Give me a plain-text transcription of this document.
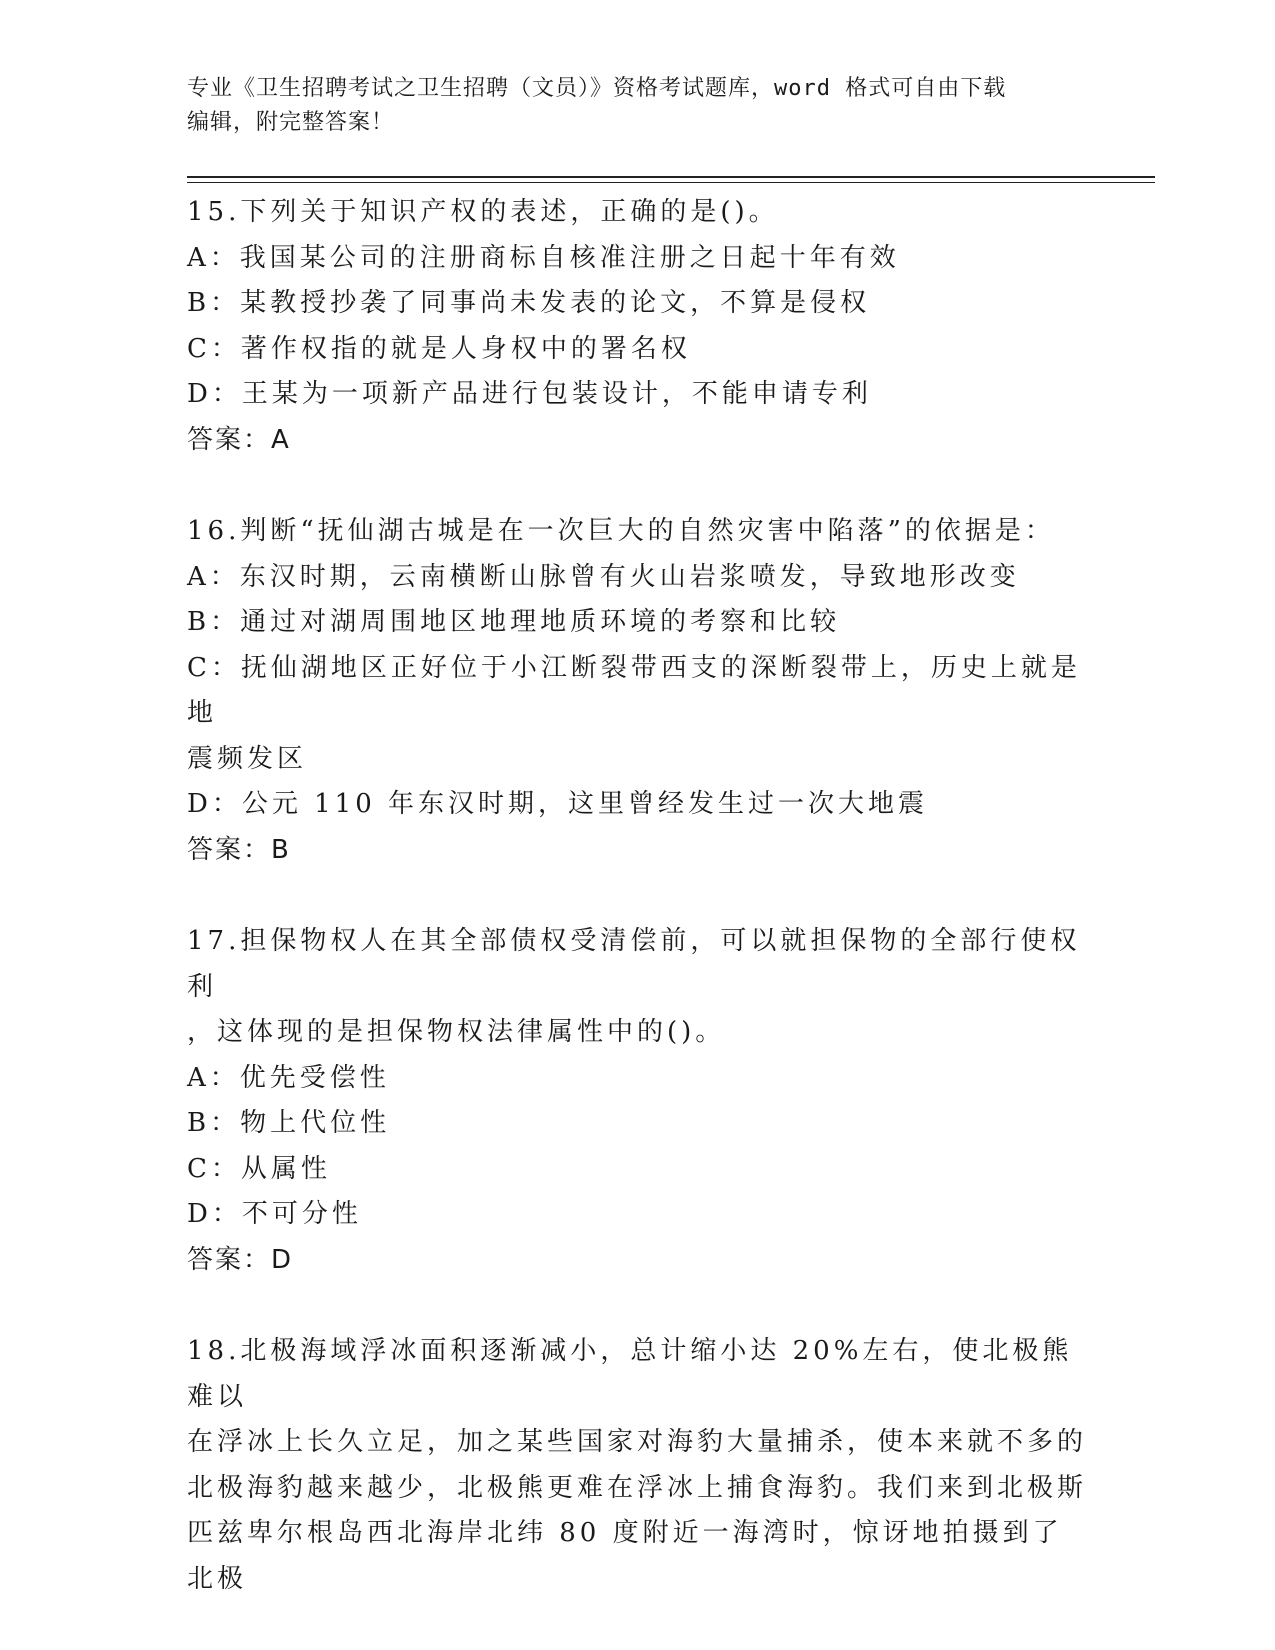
专业《卫生招聘考试之卫生招聘（文员）》资格考试题库，word 格式可自由下载
编辑，附完整答案！
15.下列关于知识产权的表述，正确的是()。
A：我国某公司的注册商标自核准注册之日起十年有效
B：某教授抄袭了同事尚未发表的论文，不算是侵权
C：著作权指的就是人身权中的署名权
D：王某为一项新产品进行包装设计，不能申请专利
答案：A
16.判断“抚仙湖古城是在一次巨大的自然灾害中陷落”的依据是：
A：东汉时期，云南横断山脉曾有火山岩浆喷发，导致地形改变
B：通过对湖周围地区地理地质环境的考察和比较
C：抚仙湖地区正好位于小江断裂带西支的深断裂带上，历史上就是地
震频发区
D：公元 110 年东汉时期，这里曾经发生过一次大地震
答案：B
17.担保物权人在其全部债权受清偿前，可以就担保物的全部行使权利
，这体现的是担保物权法律属性中的()。
A：优先受偿性
B：物上代位性
C：从属性
D：不可分性
答案：D
18.北极海域浮冰面积逐渐减小，总计缩小达 20%左右，使北极熊难以
在浮冰上长久立足，加之某些国家对海豹大量捕杀，使本来就不多的
北极海豹越来越少，北极熊更难在浮冰上捕食海豹。我们来到北极斯
匹兹卑尔根岛西北海岸北纬 80 度附近一海湾时，惊讶地拍摄到了北极
